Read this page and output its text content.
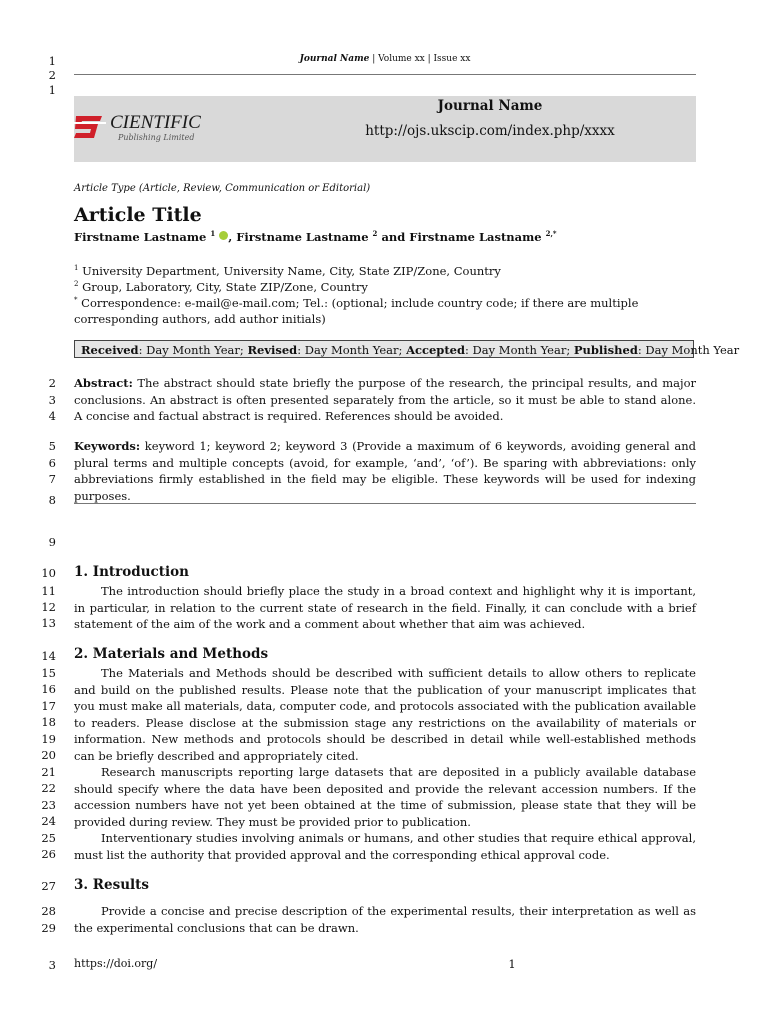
1
2
1
2
3
4
5
6
7
8
9
10
11
12
13
14
15
16
17
18
19
20
21
22
23
24
25
26
27
28
29
3
Journal Name | Volume xx | Issue xx
CIENTIFIC
Publishing Limited
Journal Name
http://ojs.ukscip.com/index.php/xxxx
Article Type (Article, Review, Communication or Editorial)
Article Title
Firstname Lastname $^1$ , Firstname Lastname $^2$ and Firstname Lastname $^{2,*}$
$^1$ University Department, University Name, City, State ZIP/Zone, Country
$^2$ Group, Laboratory, City, State ZIP/Zone, Country
* Correspondence: e-mail@e-mail.com; Tel.: (optional; include country code; if there are multiple corresponding authors, add author initials)
Received: Day Month Year; Revised: Day Month Year; Accepted: Day Month Year; Published: Day Month Year
Abstract: The abstract should state briefly the purpose of the research, the principal results, and major conclusions. An abstract is often presented separately from the article, so it must be able to stand alone. A concise and factual abstract is required. References should be avoided.
Keywords: keyword 1; keyword 2; keyword 3 (Provide a maximum of 6 keywords, avoiding general and plural terms and multiple concepts (avoid, for example, ‘and’, ‘of’). Be sparing with abbreviations: only abbreviations firmly established in the field may be eligible. These keywords will be used for indexing purposes.
1. Introduction
The introduction should briefly place the study in a broad context and highlight why it is important, in particular, in relation to the current state of research in the field. Finally, it can conclude with a brief statement of the aim of the work and a comment about whether that aim was achieved.
2. Materials and Methods
The Materials and Methods should be described with sufficient details to allow others to replicate and build on the published results. Please note that the publication of your manuscript implicates that you must make all materials, data, computer code, and protocols associated with the publication available to readers. Please disclose at the submission stage any restrictions on the availability of materials or information. New methods and protocols should be described in detail while well-established methods can be briefly described and appropriately cited.
Research manuscripts reporting large datasets that are deposited in a publicly available database should specify where the data have been deposited and provide the relevant accession numbers. If the accession numbers have not yet been obtained at the time of submission, please state that they will be provided during review. They must be provided prior to publication.
Interventionary studies involving animals or humans, and other studies that require ethical approval, must list the authority that provided approval and the corresponding ethical approval code.
3. Results
Provide a concise and precise description of the experimental results, their interpretation as well as the experimental conclusions that can be drawn.
https://doi.org/	1
